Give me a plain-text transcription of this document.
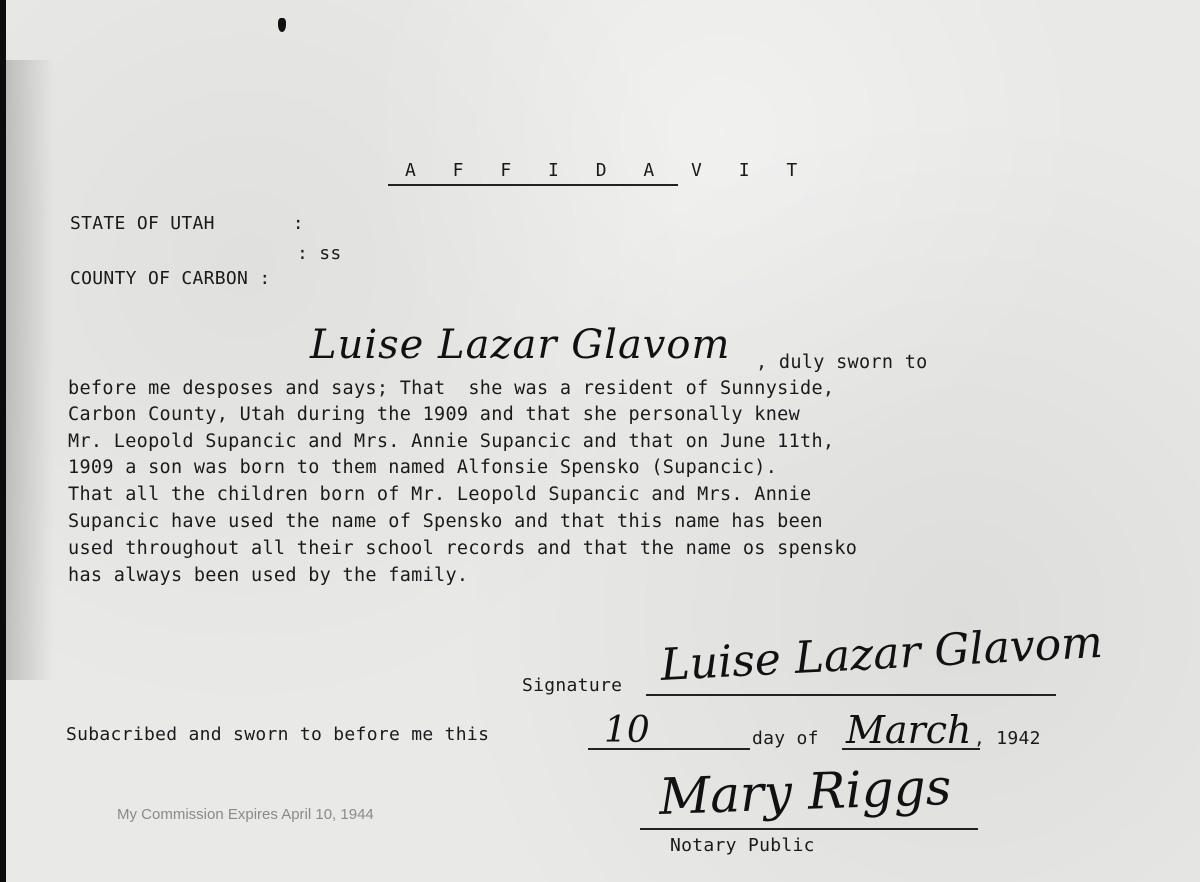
A F F I D A V I T
STATE OF UTAH       :
: ss
COUNTY OF CARBON :
Luise Lazar Glavom , duly sworn to
before me desposes and says; That  she was a resident of Sunnyside,
Carbon County, Utah during the 1909 and that she personally knew
Mr. Leopold Supancic and Mrs. Annie Supancic and that on June 11th,
1909 a son was born to them named Alfonsie Spensko (Supancic).
That all the children born of Mr. Leopold Supancic and Mrs. Annie
Supancic have used the name of Spensko and that this name has been
used throughout all their school records and that the name os spensko
has always been used by the family.
Signature Luise Lazar Glavom
Subacribed and sworn to before me this	10	day of March , 1942
My Commission Expires April 10, 1944	Mary Riggs
Notary Public
